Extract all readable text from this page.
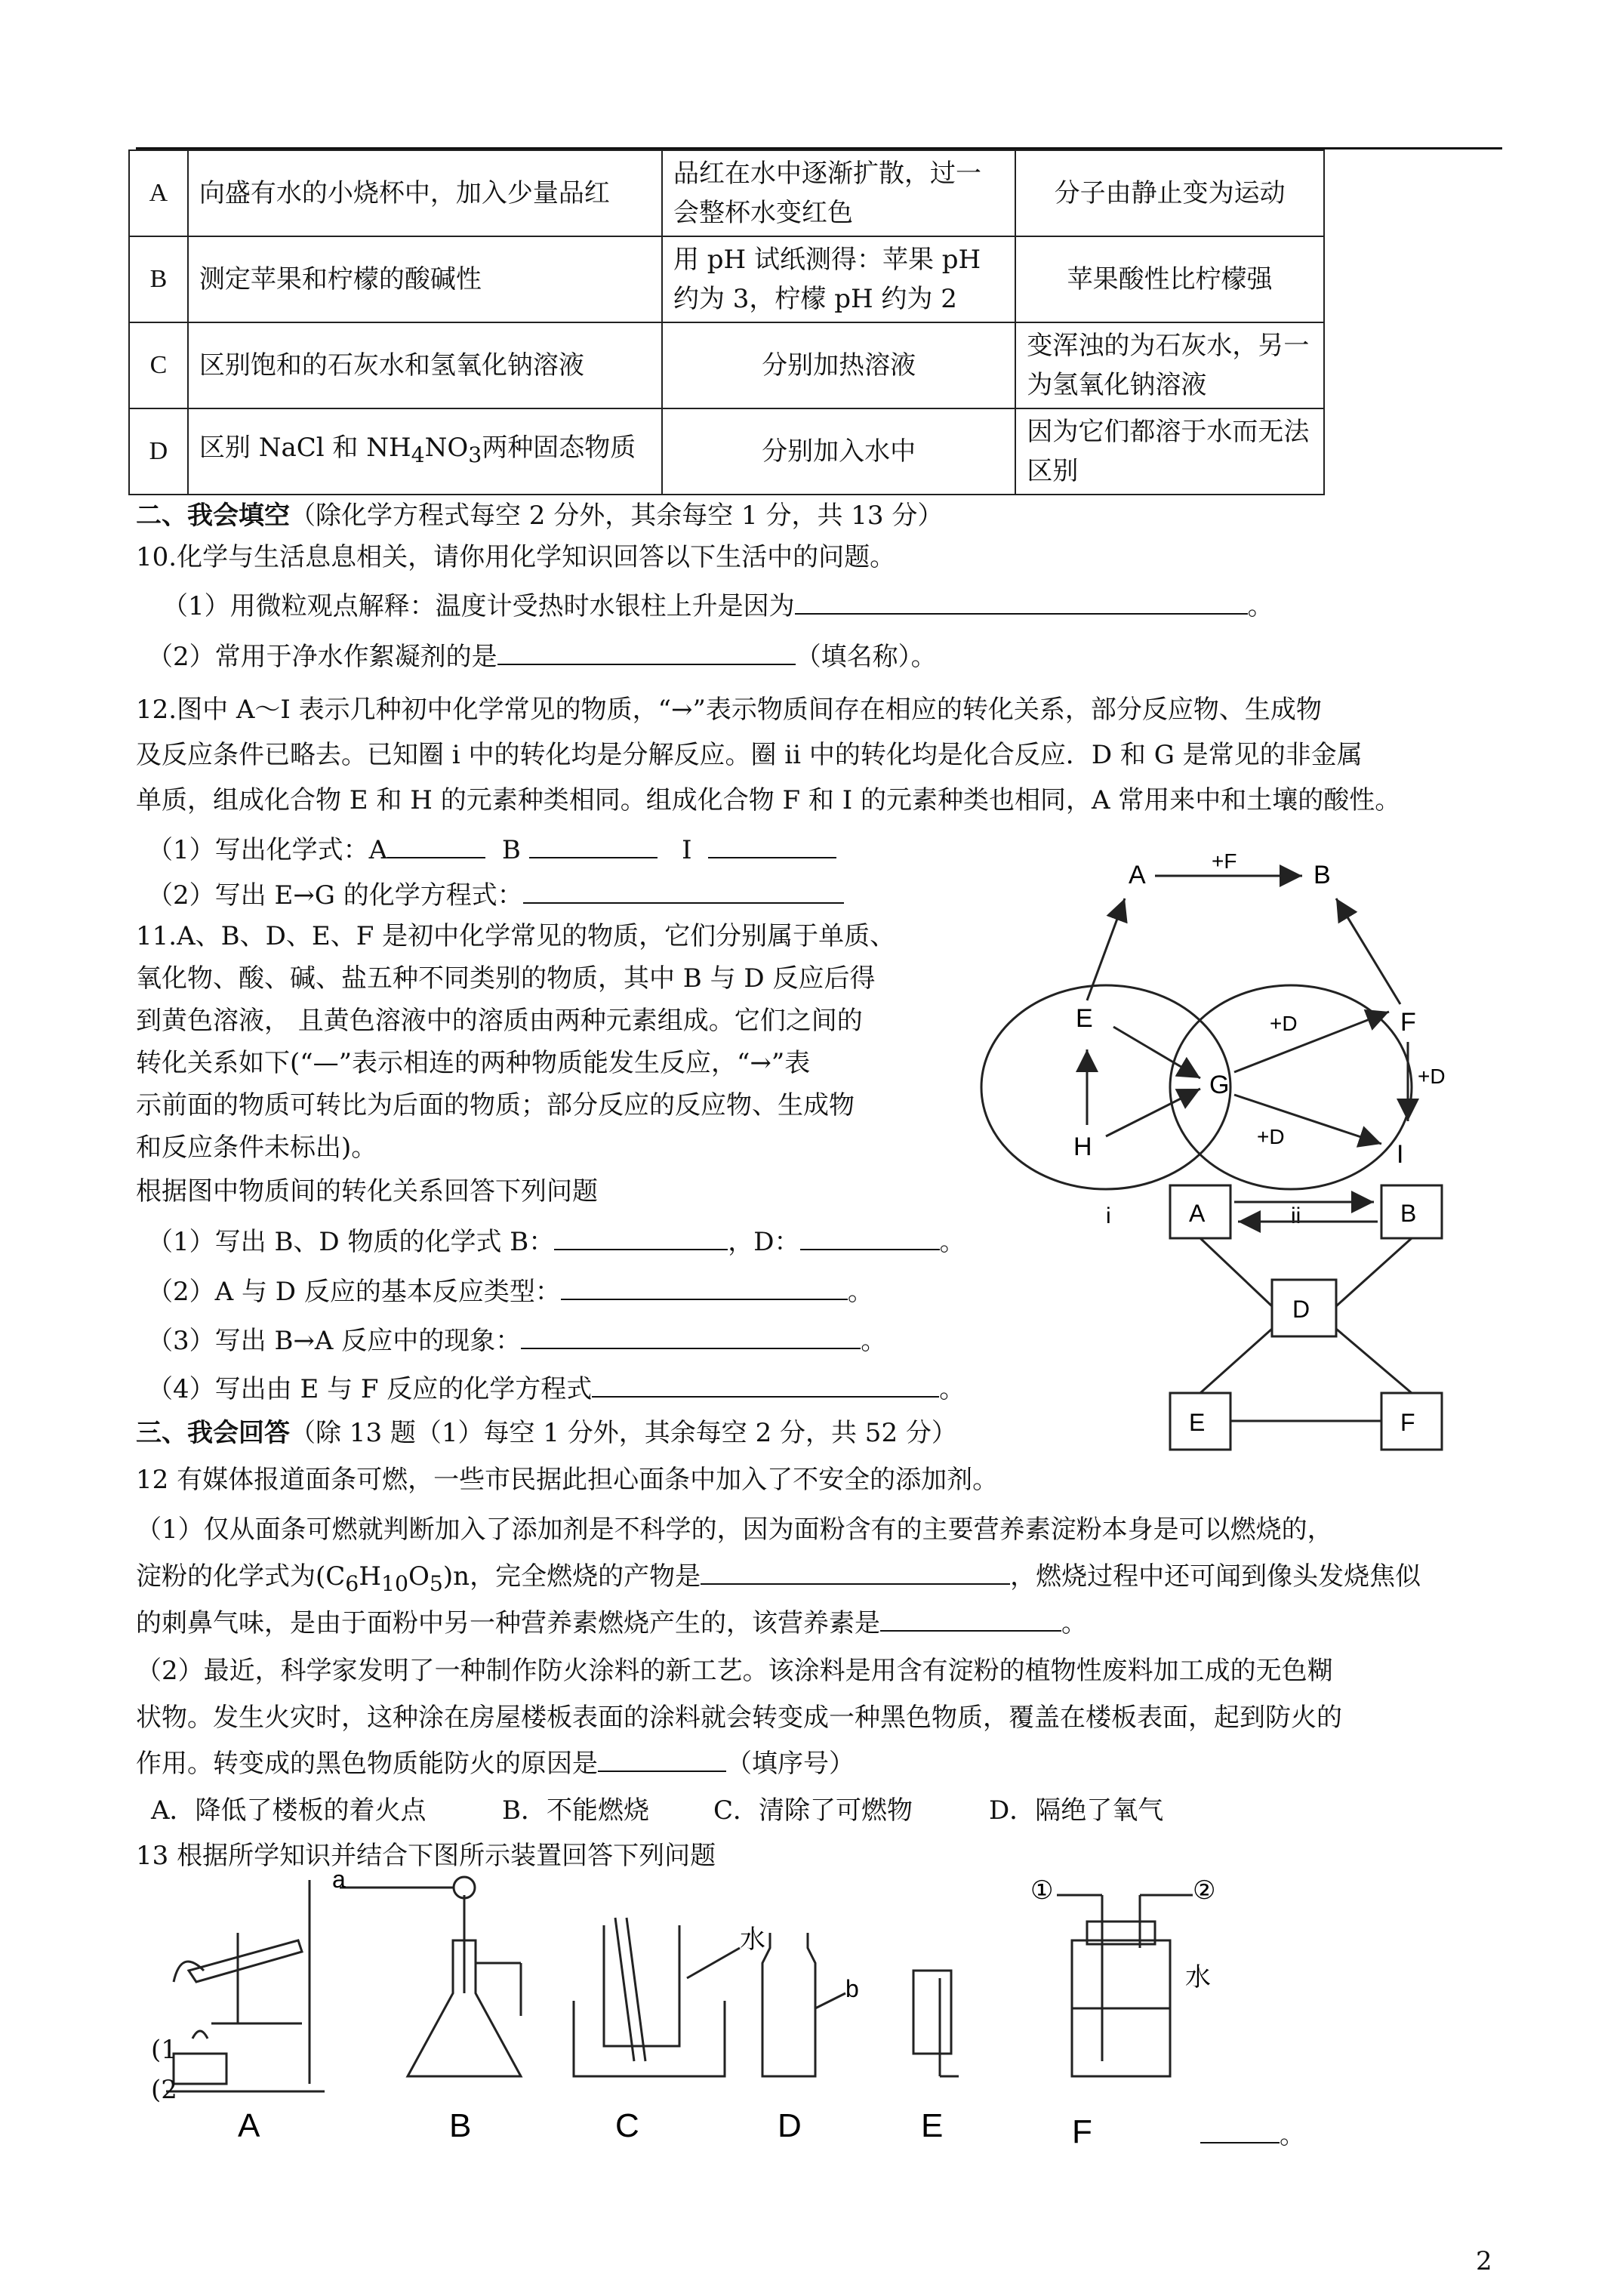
A	向盛有水的小烧杯中，加入少量品红	品红在水中逐渐扩散，过一会整杯水变红色	分子由静止变为运动
B	测定苹果和柠檬的酸碱性	用 pH 试纸测得：苹果 pH 约为 3，柠檬 pH 约为 2	苹果酸性比柠檬强
C	区别饱和的石灰水和氢氧化钠溶液	分别加热溶液	变浑浊的为石灰水，另一为氢氧化钠溶液
D	区别 NaCl 和 $NH_4NO_3$两种固态物质	分别加入水中	因为它们都溶于水而无法区别
二、我会填空（除化学方程式每空 2 分外，其余每空 1 分，共 13 分）
10.化学与生活息息相关，请你用化学知识回答以下生活中的问题。
（1）用微粒观点解释：温度计受热时水银柱上升是因为	。
（2）常用于净水作絮凝剂的是	（填名称）。
12.图中 A～I 表示几种初中化学常见的物质，“→”表示物质间存在相应的转化关系，部分反应物、生成物
及反应条件已略去。已知圈 i 中的转化均是分解反应。圈 ii 中的转化均是化合反应．D 和 G 是常见的非金属
单质，组成化合物 E 和 H 的元素种类相同。组成化合物 F 和 I 的元素种类也相同，A 常用来中和土壤的酸性。
（1）写出化学式：A	B	I
（2）写出 E→G 的化学方程式：
11.A、B、D、E、F 是初中化学常见的物质，它们分别属于单质、
氧化物、酸、碱、盐五种不同类别的物质，其中 B 与 D 反应后得
到黄色溶液， 且黄色溶液中的溶质由两种元素组成。它们之间的
转化关系如下(“—”表示相连的两种物质能发生反应，“→”表
示前面的物质可转比为后面的物质；部分反应的反应物、生成物
和反应条件未标出)。
根据图中物质间的转化关系回答下列问题
（1）写出 B、D 物质的化学式 B：	，D：	。
（2）A 与 D 反应的基本反应类型：	。
（3）写出 B→A 反应中的现象：	。
（4）写出由 E 与 F 反应的化学方程式	。
A	B
+F
E	F
G
H
+D
+D
+D
I
i	ii
A	B
D
E	F
三、我会回答（除 13 题（1）每空 1 分外，其余每空 2 分，共 52 分）
12 有媒体报道面条可燃，一些市民据此担心面条中加入了不安全的添加剂。
（1）仅从面条可燃就判断加入了添加剂是不科学的，因为面粉含有的主要营养素淀粉本身是可以燃烧的，
淀粉的化学式为$(C_6H_{10}O_5)n$，完全燃烧的产物是	，燃烧过程中还可闻到像头发烧焦似
的刺鼻气味，是由于面粉中另一种营养素燃烧产生的，该营养素是	。
（2）最近，科学家发明了一种制作防火涂料的新工艺。该涂料是用含有淀粉的植物性废料加工成的无色糊
状物。发生火灾时，这种涂在房屋楼板表面的涂料就会转变成一种黑色物质，覆盖在楼板表面，起到防火的
作用。转变成的黑色物质能防火的原因是	（填序号）
A．降低了楼板的着火点	B．不能燃烧	C．清除了可燃物	D．隔绝了氧气
13 根据所学知识并结合下图所示装置回答下列问题
a
水
b
①	②
水
A	B	C	D	E	F
(1
(2
。
2
